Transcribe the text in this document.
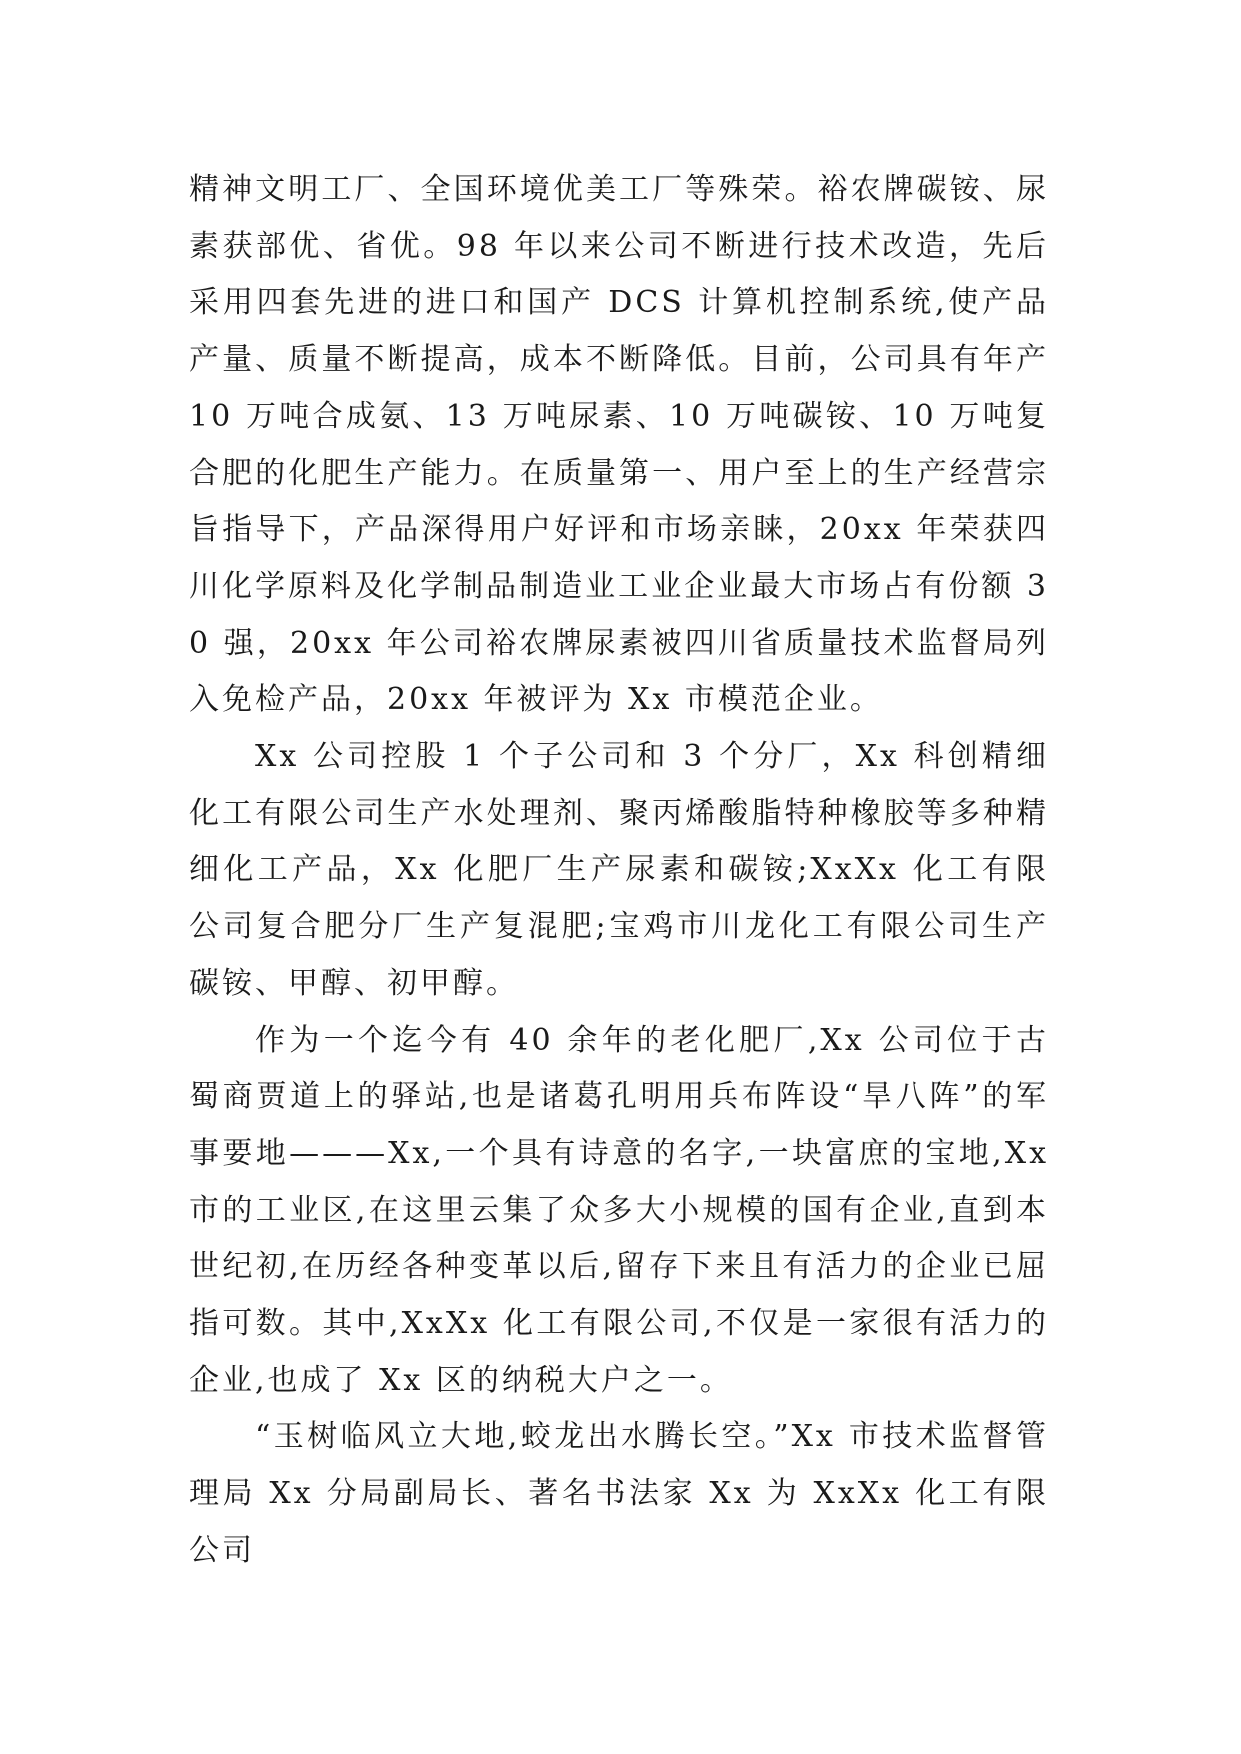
精神文明工厂、全国环境优美工厂等殊荣。裕农牌碳铵、尿素获部优、省优。98 年以来公司不断进行技术改造，先后采用四套先进的进口和国产 DCS 计算机控制系统,使产品产量、质量不断提高，成本不断降低。目前，公司具有年产 10 万吨合成氨、13 万吨尿素、10 万吨碳铵、10 万吨复合肥的化肥生产能力。在质量第一、用户至上的生产经营宗旨指导下，产品深得用户好评和市场亲睐，20xx 年荣获四川化学原料及化学制品制造业工业企业最大市场占有份额 30 强，20xx 年公司裕农牌尿素被四川省质量技术监督局列入免检产品，20xx 年被评为 Xx 市模范企业。

Xx 公司控股 1 个子公司和 3 个分厂，Xx 科创精细化工有限公司生产水处理剂、聚丙烯酸脂特种橡胶等多种精细化工产品，Xx 化肥厂生产尿素和碳铵;XxXx 化工有限公司复合肥分厂生产复混肥;宝鸡市川龙化工有限公司生产碳铵、甲醇、初甲醇。

作为一个迄今有 40 余年的老化肥厂,Xx 公司位于古蜀商贾道上的驿站,也是诸葛孔明用兵布阵设“旱八阵”的军事要地———Xx,一个具有诗意的名字,一块富庶的宝地,Xx 市的工业区,在这里云集了众多大小规模的国有企业,直到本世纪初,在历经各种变革以后,留存下来且有活力的企业已屈指可数。其中,XxXx 化工有限公司,不仅是一家很有活力的企业,也成了 Xx 区的纳税大户之一。

“玉树临风立大地,蛟龙出水腾长空。”Xx 市技术监督管理局 Xx 分局副局长、著名书法家 Xx 为 XxXx 化工有限公司
